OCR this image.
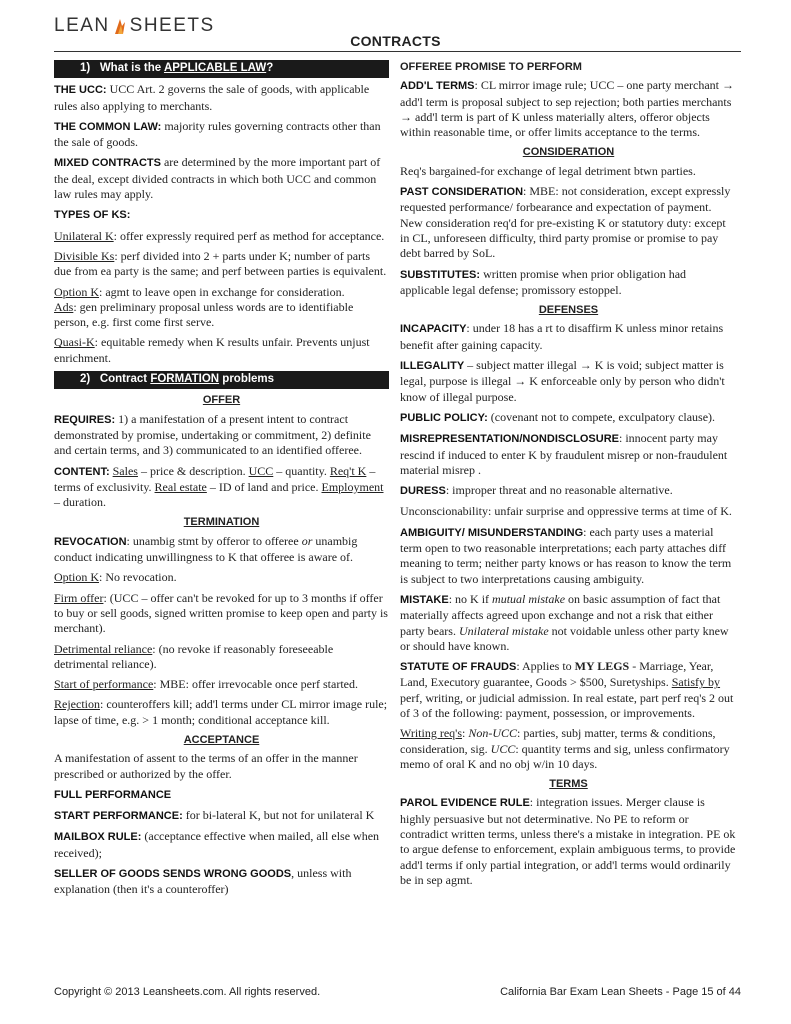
LEAN SHEETS
CONTRACTS
1) What is the APPLICABLE LAW?

THE UCC: UCC Art. 2 governs the sale of goods, with applicable rules also applying to merchants.

THE COMMON LAW: majority rules governing contracts other than the sale of goods.

MIXED CONTRACTS are determined by the more important part of the deal, except divided contracts in which both UCC and common law rules may apply.

TYPES OF KS:

Unilateral K: offer expressly required perf as method for acceptance.

Divisible Ks: perf divided into 2 + parts under K; number of parts due from ea party is the same; and perf between parties is equivalent.

Option K: agmt to leave open in exchange for consideration.

Ads: gen preliminary proposal unless words are to identifiable person, e.g. first come first serve.

Quasi-K: equitable remedy when K results unfair. Prevents unjust enrichment.

2) Contract FORMATION problems
OFFER

REQUIRES: 1) a manifestation of a present intent to contract demonstrated by promise, undertaking or commitment, 2) definite and certain terms, and 3) communicated to an identified offeree.

CONTENT: Sales – price & description. UCC – quantity. Req't K – terms of exclusivity. Real estate – ID of land and price. Employment – duration.

TERMINATION

REVOCATION: unambig stmt by offeror to offeree or unambig conduct indicating unwillingness to K that offeree is aware of.

Option K: No revocation.

Firm offer: (UCC – offer can't be revoked for up to 3 months if offer to buy or sell goods, signed written promise to keep open and party is merchant).

Detrimental reliance: (no revoke if reasonably foreseeable detrimental reliance).

Start of performance: MBE: offer irrevocable once perf started.

Rejection: counteroffers kill; add'l terms under CL mirror image rule; lapse of time, e.g. > 1 month; conditional acceptance kill.

ACCEPTANCE

A manifestation of assent to the terms of an offer in the manner prescribed or authorized by the offer.

FULL PERFORMANCE

START PERFORMANCE: for bi-lateral K, but not for unilateral K

MAILBOX RULE: (acceptance effective when mailed, all else when received);

SELLER OF GOODS SENDS WRONG GOODS, unless with explanation (then it's a counteroffer)

OFFEREE PROMISE TO PERFORM

ADD'L TERMS: CL mirror image rule; UCC – one party merchant → add'l term is proposal subject to sep rejection; both parties merchants → add'l term is part of K unless materially alters, offeror objects within reasonable time, or offer limits acceptance to the terms.

CONSIDERATION

Req's bargained-for exchange of legal detriment btwn parties.

PAST CONSIDERATION: MBE: not consideration, except expressly requested performance/ forbearance and expectation of payment. New consideration req'd for pre-existing K or statutory duty: except in CL, unforeseen difficulty, third party promise or promise to pay debt barred by SoL.

SUBSTITUTES: written promise when prior obligation had applicable legal defense; promissory estoppel.

DEFENSES

INCAPACITY: under 18 has a rt to disaffirm K unless minor retains benefit after gaining capacity.

ILLEGALITY – subject matter illegal → K is void; subject matter is legal, purpose is illegal → K enforceable only by person who didn't know of illegal purpose.

PUBLIC POLICY: (covenant not to compete, exculpatory clause).

MISREPRESENTATION/NONDISCLOSURE: innocent party may rescind if induced to enter K by fraudulent misrep or non-fraudulent material misrep .

DURESS: improper threat and no reasonable alternative.

Unconscionability: unfair surprise and oppressive terms at time of K.

AMBIGUITY/ MISUNDERSTANDING: each party uses a material term open to two reasonable interpretations; each party attaches diff meaning to term; neither party knows or has reason to know the term is subject to two interpretations causing ambiguity.

MISTAKE: no K if mutual mistake on basic assumption of fact that materially affects agreed upon exchange and not a risk that either party bears. Unilateral mistake not voidable unless other party knew or should have known.

STATUTE OF FRAUDS: Applies to MY LEGS - Marriage, Year, Land, Executory guarantee, Goods > $500, Suretyships. Satisfy by perf, writing, or judicial admission. In real estate, part perf req's 2 out of 3 of the following: payment, possession, or improvements.

Writing req's: Non-UCC: parties, subj matter, terms & conditions, consideration, sig. UCC: quantity terms and sig, unless confirmatory memo of oral K and no obj w/in 10 days.

TERMS

PAROL EVIDENCE RULE: integration issues. Merger clause is highly persuasive but not determinative. No PE to reform or contradict written terms, unless there's a mistake in integration. PE ok to argue defense to enforcement, explain ambiguous terms, to provide add'l terms if only partial integration, or add'l terms would ordinarily be in sep agmt.

Copyright © 2013 Leansheets.com. All rights reserved.	California Bar Exam Lean Sheets - Page 15 of 44
